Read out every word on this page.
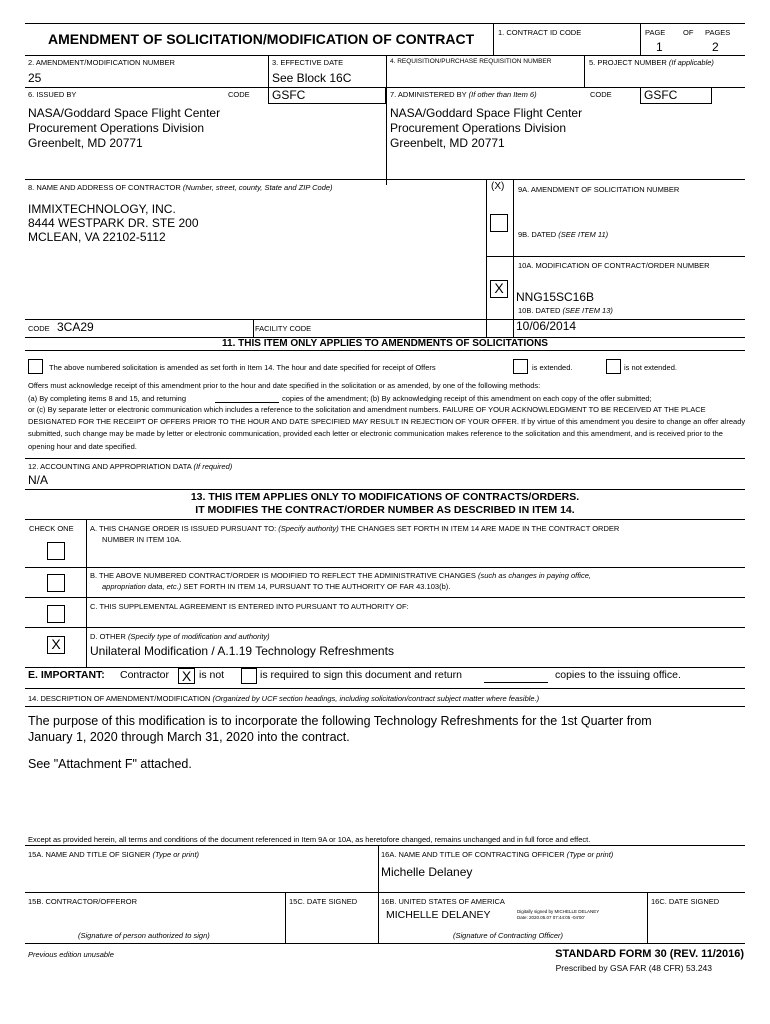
AMENDMENT OF SOLICITATION/MODIFICATION OF CONTRACT	1. CONTRACT ID CODE	PAGE OF PAGES
1	2
2. AMENDMENT/MODIFICATION NUMBER
25
3. EFFECTIVE DATE
See Block 16C
4. REQUISITION/PURCHASE REQUISITION NUMBER	5. PROJECT NUMBER (If applicable)
6. ISSUED BY	CODE GSFC
NASA/Goddard Space Flight Center
Procurement Operations Division
Greenbelt, MD 20771
7. ADMINISTERED BY (If other than Item 6)	CODE	GSFC
NASA/Goddard Space Flight Center
Procurement Operations Division
Greenbelt, MD 20771
8. NAME AND ADDRESS OF CONTRACTOR (Number, street, county, State and ZIP Code)
IMMIXTECHNOLOGY, INC.
8444 WESTPARK DR. STE 200
MCLEAN, VA 22102-5112
(X) 9A. AMENDMENT OF SOLICITATION NUMBER
9B. DATED (SEE ITEM 11)
10A. MODIFICATION OF CONTRACT/ORDER NUMBER
X
NNG15SC16B
10B. DATED (SEE ITEM 13)
10/06/2014
CODE 3CA29	FACILITY CODE
11. THIS ITEM ONLY APPLIES TO AMENDMENTS OF SOLICITATIONS
The above numbered solicitation is amended as set forth in Item 14. The hour and date specified for receipt of Offers	is extended.	is not extended.
Offers must acknowledge receipt of this amendment prior to the hour and date specified in the solicitation or as amended, by one of the following methods:
(a) By completing items 8 and 15, and returning	copies of the amendment; (b) By acknowledging receipt of this amendment on each copy of the offer submitted;
or (c) By separate letter or electronic communication which includes a reference to the solicitation and amendment numbers. FAILURE OF YOUR ACKNOWLEDGMENT TO BE RECEIVED AT THE PLACE DESIGNATED FOR THE RECEIPT OF OFFERS PRIOR TO THE HOUR AND DATE SPECIFIED MAY RESULT IN REJECTION OF YOUR OFFER. If by virtue of this amendment you desire to change an offer already submitted, such change may be made by letter or electronic communication, provided each letter or electronic communication makes reference to the solicitation and this amendment, and is received prior to the opening hour and date specified.
12. ACCOUNTING AND APPROPRIATION DATA (If required)
N/A
13. THIS ITEM APPLIES ONLY TO MODIFICATIONS OF CONTRACTS/ORDERS.
IT MODIFIES THE CONTRACT/ORDER NUMBER AS DESCRIBED IN ITEM 14.
CHECK ONE A. THIS CHANGE ORDER IS ISSUED PURSUANT TO: (Specify authority) THE CHANGES SET FORTH IN ITEM 14 ARE MADE IN THE CONTRACT ORDER
NUMBER IN ITEM 10A.
B. THE ABOVE NUMBERED CONTRACT/ORDER IS MODIFIED TO REFLECT THE ADMINISTRATIVE CHANGES (such as changes in paying office,
appropriation data, etc.) SET FORTH IN ITEM 14, PURSUANT TO THE AUTHORITY OF FAR 43.103(b).
C. THIS SUPPLEMENTAL AGREEMENT IS ENTERED INTO PURSUANT TO AUTHORITY OF:
X	D. OTHER (Specify type of modification and authority)
Unilateral Modification / A.1.19 Technology Refreshments
E. IMPORTANT: Contractor X is not	is required to sign this document and return	copies to the issuing office.
14. DESCRIPTION OF AMENDMENT/MODIFICATION (Organized by UCF section headings, including solicitation/contract subject matter where feasible.)
The purpose of this modification is to incorporate the following Technology Refreshments for the 1st Quarter from
January 1, 2020 through March 31, 2020 into the contract.
See "Attachment F" attached.
Except as provided herein, all terms and conditions of the document referenced in Item 9A or 10A, as heretofore changed, remains unchanged and in full force and effect.
15A. NAME AND TITLE OF SIGNER (Type or print)	16A. NAME AND TITLE OF CONTRACTING OFFICER (Type or print)
Michelle Delaney
15B. CONTRACTOR/OFFEROR	15C. DATE SIGNED	16B. UNITED STATES OF AMERICA	16C. DATE SIGNED
MICHELLE DELANEY	Digitally signed by MICHELLE DELANEY
Date: 2020.05.07 07:44:05 -04'00'
(Signature of person authorized to sign)	(Signature of Contracting Officer)
Previous edition unusable	STANDARD FORM 30 (REV. 11/2016)
Prescribed by GSA FAR (48 CFR) 53.243
